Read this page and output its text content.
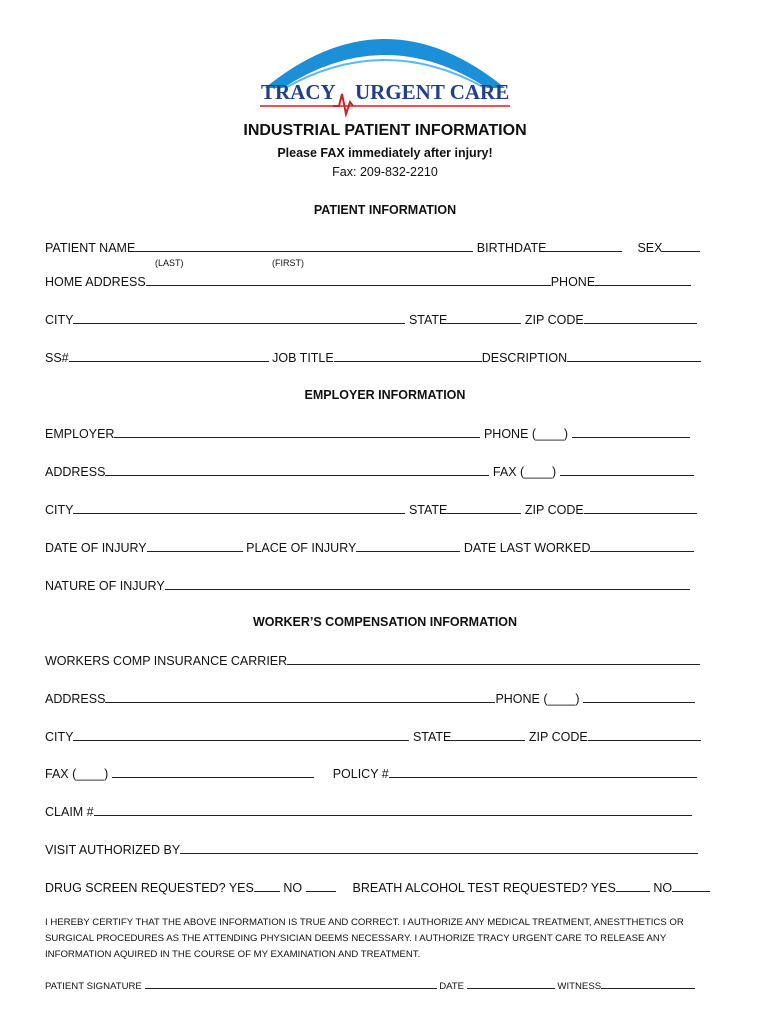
TRACY URGENT CARE
INDUSTRIAL PATIENT INFORMATION
Please FAX immediately after injury!
Fax: 209-832-2210
PATIENT INFORMATION
PATIENT NAME	BIRTHDATE	SEX
(LAST)	(FIRST)
HOME ADDRESS	PHONE
CITY	STATE	ZIP CODE
SS#	JOB TITLE	DESCRIPTION
EMPLOYER INFORMATION
EMPLOYER	PHONE (____)
ADDRESS	FAX (____)
CITY	STATE	ZIP CODE
DATE OF INJURY	PLACE OF INJURY	DATE LAST WORKED
NATURE OF INJURY
WORKER’S COMPENSATION INFORMATION
WORKERS COMP INSURANCE CARRIER
ADDRESS	PHONE (____)
CITY	STATE	ZIP CODE
FAX (____)	POLICY #
CLAIM #
VISIT AUTHORIZED BY
DRUG SCREEN REQUESTED? YES NO	BREATH ALCOHOL TEST REQUESTED? YES	NO
I HEREBY CERTIFY THAT THE ABOVE INFORMATION IS TRUE AND CORRECT. I AUTHORIZE ANY MEDICAL TREATMENT, ANESTTHETICS OR SURGICAL PROCEDURES AS THE ATTENDING PHYSICIAN DEEMS NECESSARY. I AUTHORIZE TRACY URGENT CARE TO RELEASE ANY INFORMATION AQUIRED IN THE COURSE OF MY EXAMINATION AND TREATMENT.
PATIENT SIGNATURE	DATE	WITNESS
